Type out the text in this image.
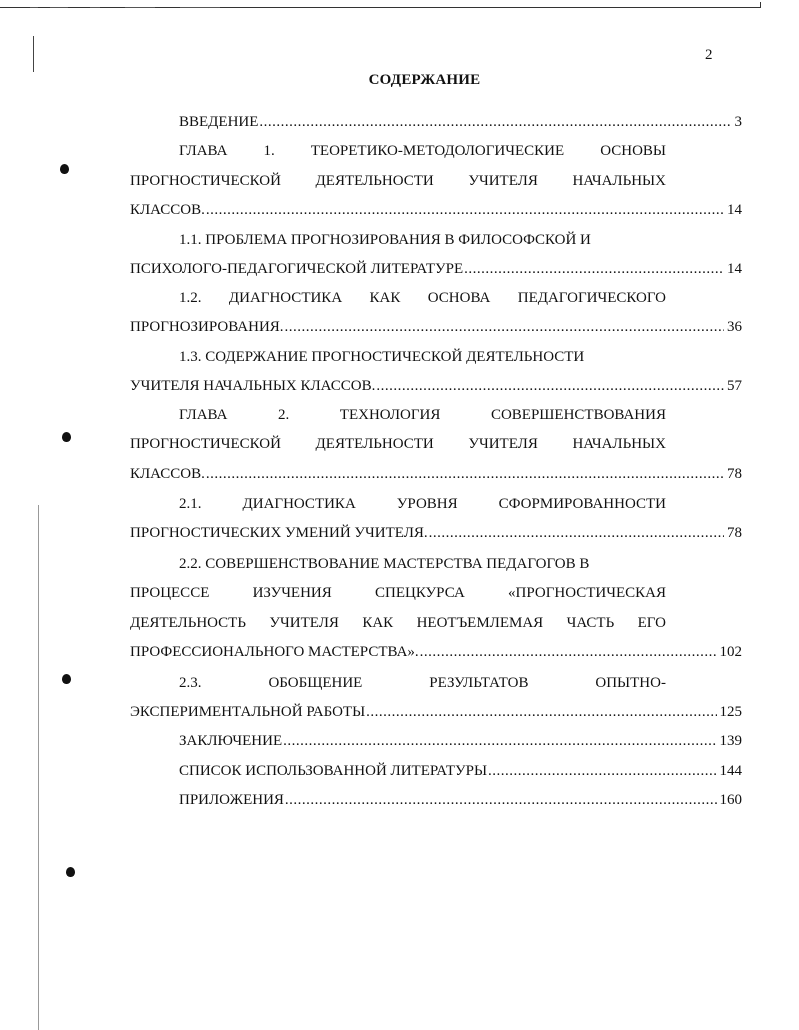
2
СОДЕРЖАНИЕ
ВВЕДЕНИЕ .....	3
ГЛАВА 1. ТЕОРЕТИКО-МЕТОДОЛОГИЧЕСКИЕ ОСНОВЫ
ПРОГНОСТИЧЕСКОЙ ДЕЯТЕЛЬНОСТИ УЧИТЕЛЯ НАЧАЛЬНЫХ
КЛАССОВ. .....	14
1.1. ПРОБЛЕМА ПРОГНОЗИРОВАНИЯ В ФИЛОСОФСКОЙ И
ПСИХОЛОГО-ПЕДАГОГИЧЕСКОЙ ЛИТЕРАТУРЕ .....	14
1.2. ДИАГНОСТИКА КАК ОСНОВА ПЕДАГОГИЧЕСКОГО
ПРОГНОЗИРОВАНИЯ. .....	36
1.3. СОДЕРЖАНИЕ ПРОГНОСТИЧЕСКОЙ ДЕЯТЕЛЬНОСТИ
УЧИТЕЛЯ НАЧАЛЬНЫХ КЛАССОВ. .....	57
ГЛАВА	2.	ТЕХНОЛОГИЯ	СОВЕРШЕНСТВОВАНИЯ
ПРОГНОСТИЧЕСКОЙ ДЕЯТЕЛЬНОСТИ УЧИТЕЛЯ НАЧАЛЬНЫХ
КЛАССОВ. .....	78
2.1.	ДИАГНОСТИКА	УРОВНЯ	СФОРМИРОВАННОСТИ
ПРОГНОСТИЧЕСКИХ УМЕНИЙ УЧИТЕЛЯ. .....	78
2.2. СОВЕРШЕНСТВОВАНИЕ МАСТЕРСТВА ПЕДАГОГОВ В
ПРОЦЕССЕ	ИЗУЧЕНИЯ	СПЕЦКУРСА	«ПРОГНОСТИЧЕСКАЯ
ДЕЯТЕЛЬНОСТЬ УЧИТЕЛЯ КАК НЕОТЪЕМЛЕМАЯ ЧАСТЬ ЕГО
ПРОФЕССИОНАЛЬНОГО МАСТЕРСТВА». .....	102
2.3.	ОБОБЩЕНИЕ	РЕЗУЛЬТАТОВ	ОПЫТНО-
ЭКСПЕРИМЕНТАЛЬНОЙ РАБОТЫ .....	125
ЗАКЛЮЧЕНИЕ .....	139
СПИСОК ИСПОЛЬЗОВАННОЙ ЛИТЕРАТУРЫ .....	144
ПРИЛОЖЕНИЯ .....	160
